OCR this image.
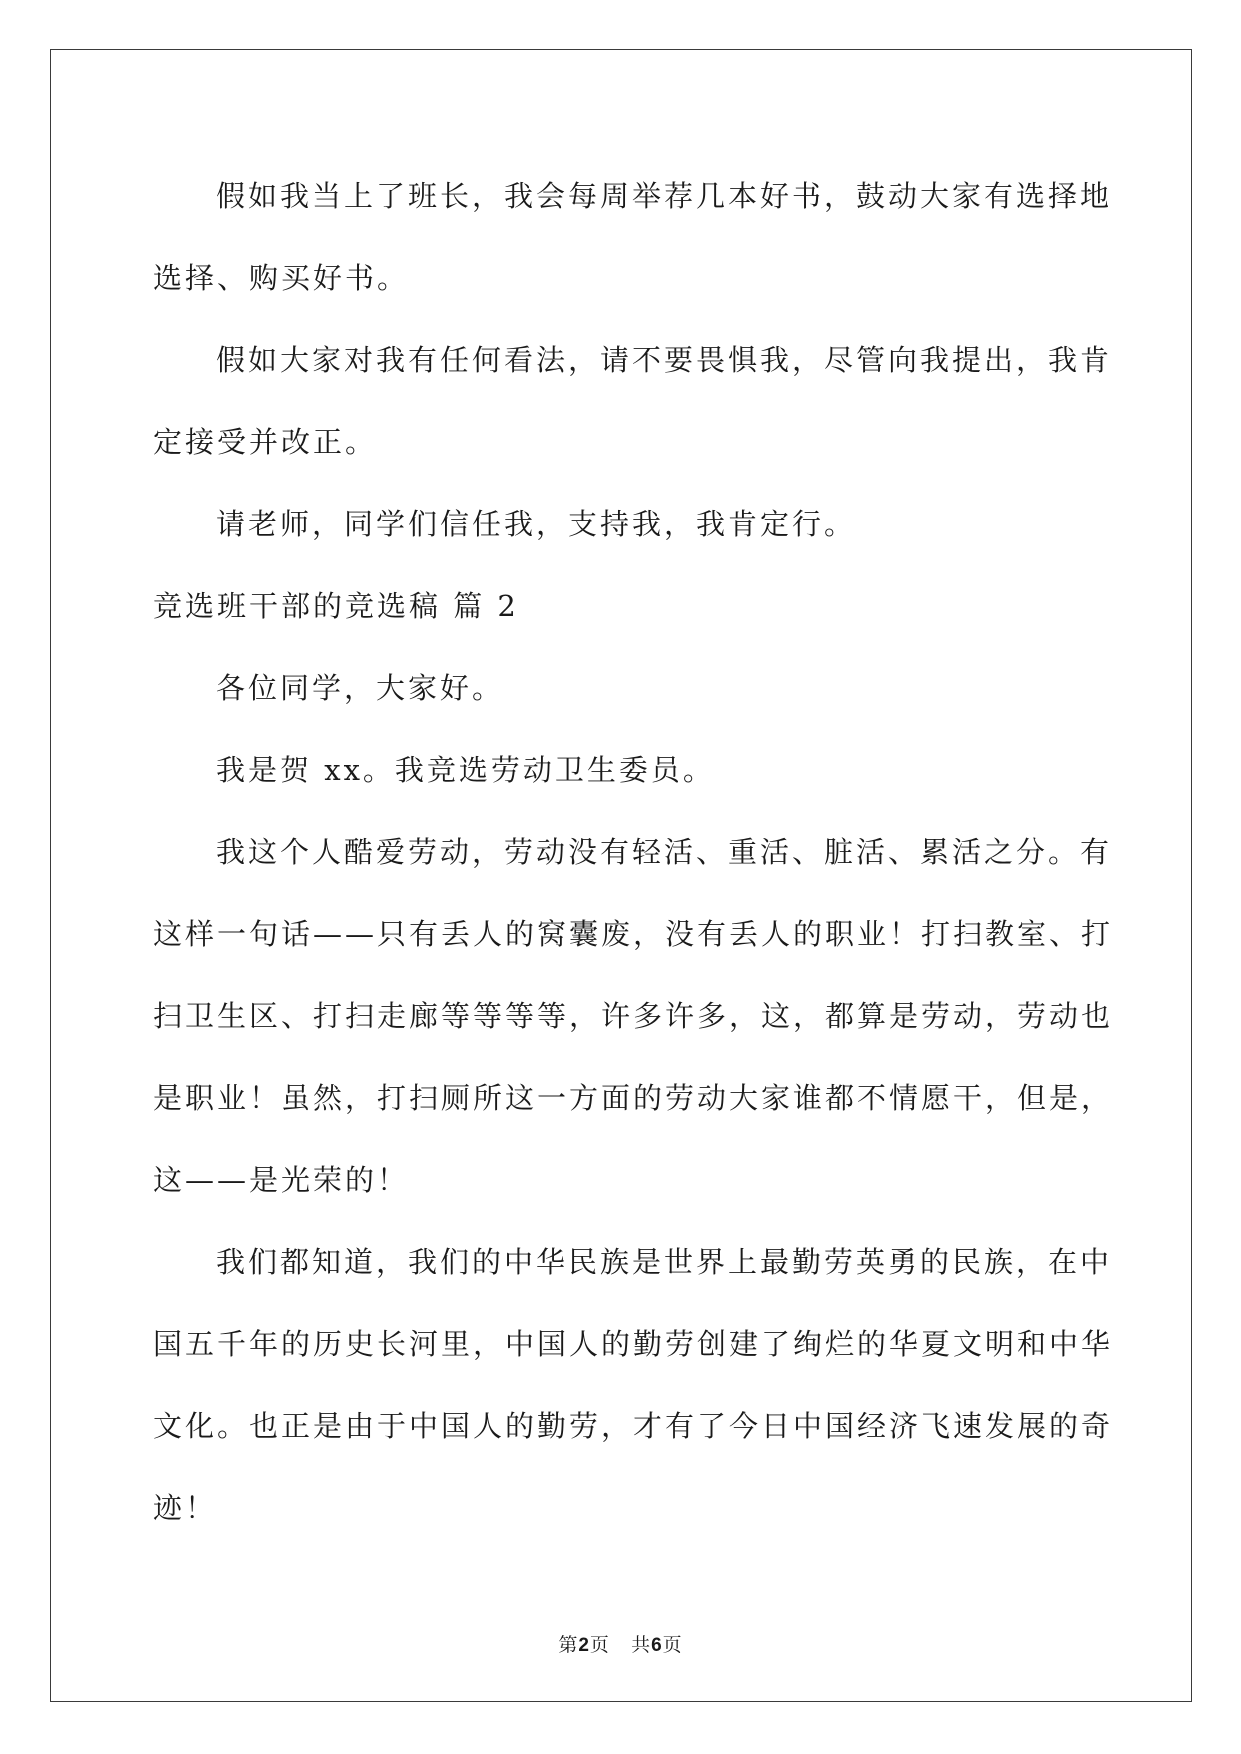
假如我当上了班长，我会每周举荐几本好书，鼓动大家有选择地

选择、购买好书。

假如大家对我有任何看法，请不要畏惧我，尽管向我提出，我肯

定接受并改正。

请老师，同学们信任我，支持我，我肯定行。

竞选班干部的竞选稿 篇 2

各位同学，大家好。

我是贺 xx。我竞选劳动卫生委员。

我这个人酷爱劳动，劳动没有轻活、重活、脏活、累活之分。有

这样一句话——只有丢人的窝囊废，没有丢人的职业！打扫教室、打

扫卫生区、打扫走廊等等等等，许多许多，这，都算是劳动，劳动也

是职业！虽然，打扫厕所这一方面的劳动大家谁都不情愿干，但是，

这——是光荣的！

我们都知道，我们的中华民族是世界上最勤劳英勇的民族，在中

国五千年的历史长河里，中国人的勤劳创建了绚烂的华夏文明和中华

文化。也正是由于中国人的勤劳，才有了今日中国经济飞速发展的奇

迹！

第2页 共6页
